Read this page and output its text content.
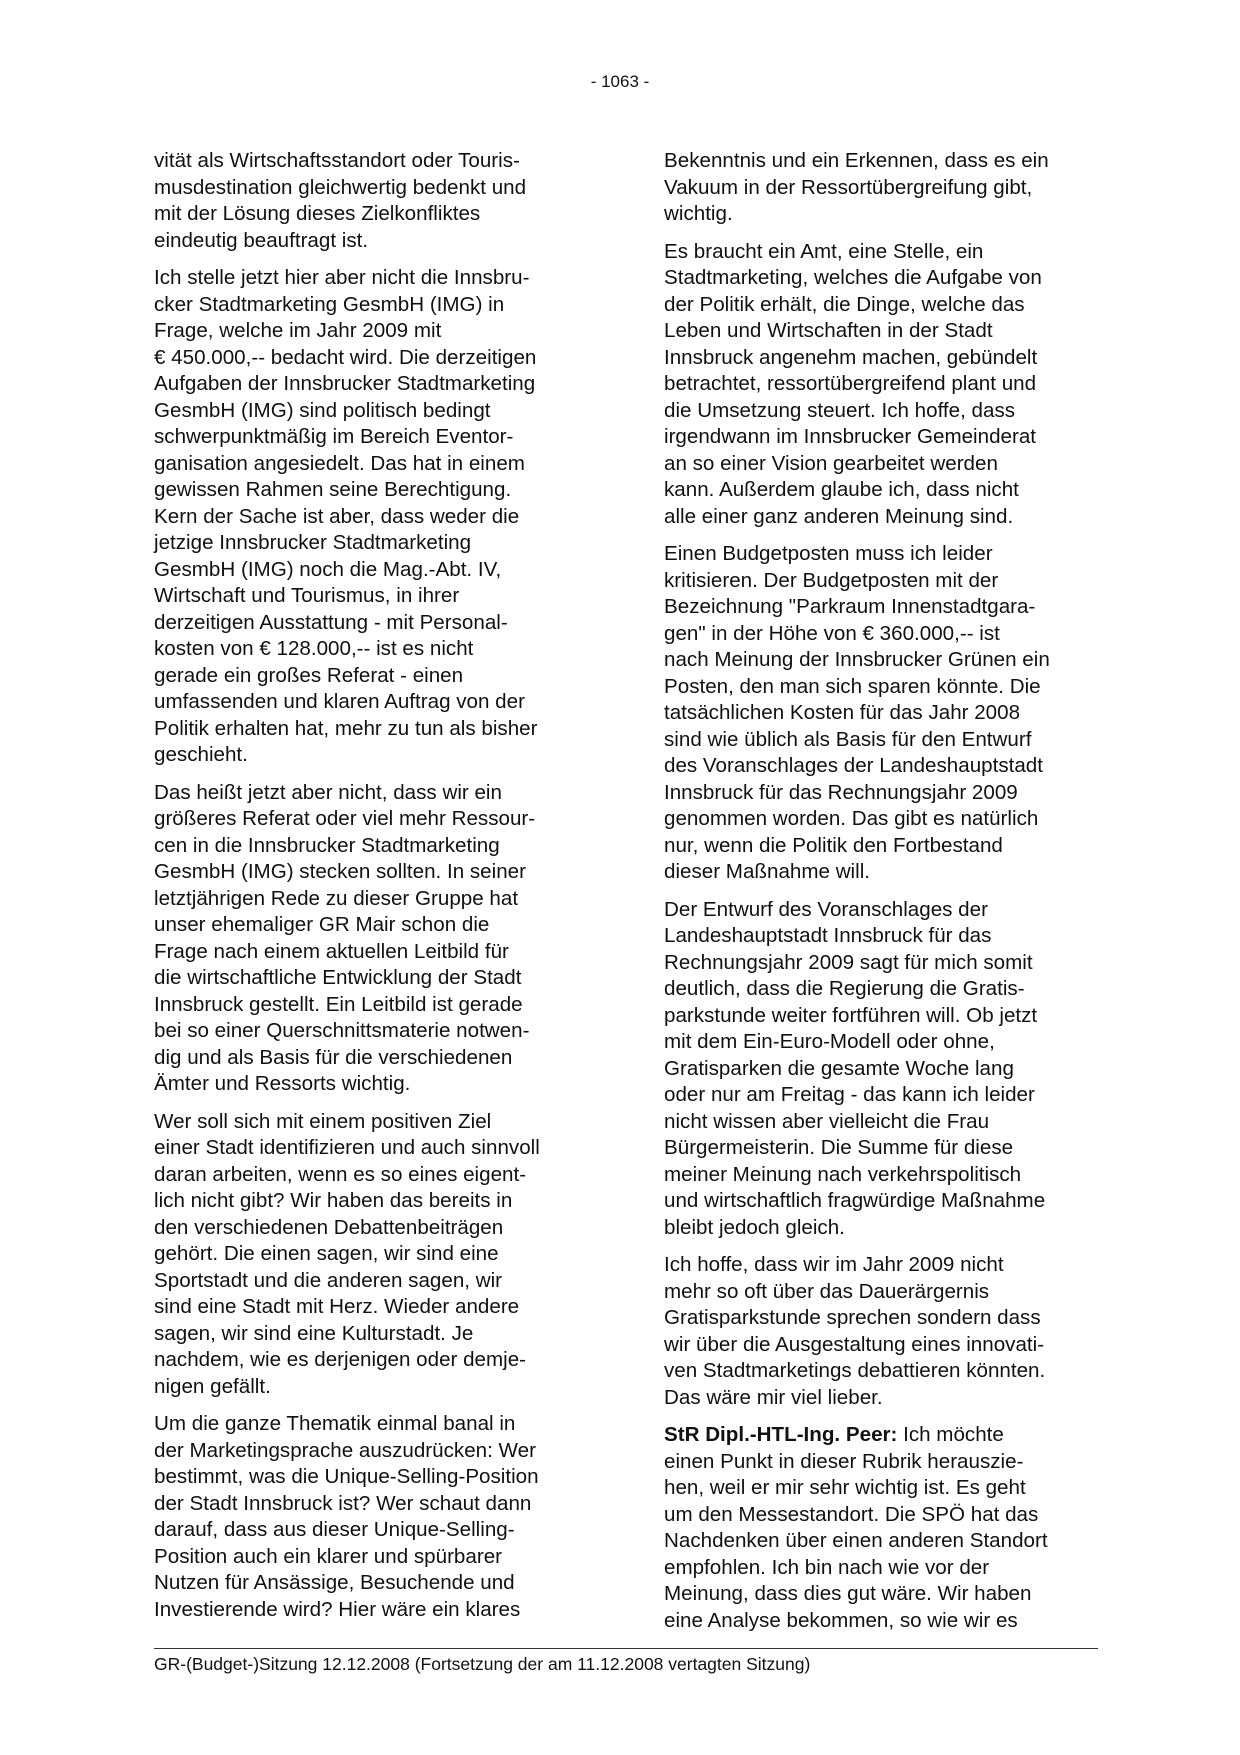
- 1063 -

vität als Wirtschaftsstandort oder Touris-
musdestination gleichwertig bedenkt und
mit der Lösung dieses Zielkonfliktes
eindeutig beauftragt ist.

Ich stelle jetzt hier aber nicht die Innsbru-
cker Stadtmarketing GesmbH (IMG) in
Frage, welche im Jahr 2009 mit
€ 450.000,-- bedacht wird. Die derzeitigen
Aufgaben der Innsbrucker Stadtmarketing
GesmbH (IMG) sind politisch bedingt
schwerpunktmäßig im Bereich Eventor-
ganisation angesiedelt. Das hat in einem
gewissen Rahmen seine Berechtigung.
Kern der Sache ist aber, dass weder die
jetzige Innsbrucker Stadtmarketing
GesmbH (IMG) noch die Mag.-Abt. IV,
Wirtschaft und Tourismus, in ihrer
derzeitigen Ausstattung - mit Personal-
kosten von € 128.000,-- ist es nicht
gerade ein großes Referat - einen
umfassenden und klaren Auftrag von der
Politik erhalten hat, mehr zu tun als bisher
geschieht.

Das heißt jetzt aber nicht, dass wir ein
größeres Referat oder viel mehr Ressour-
cen in die Innsbrucker Stadtmarketing
GesmbH (IMG) stecken sollten. In seiner
letztjährigen Rede zu dieser Gruppe hat
unser ehemaliger GR Mair schon die
Frage nach einem aktuellen Leitbild für
die wirtschaftliche Entwicklung der Stadt
Innsbruck gestellt. Ein Leitbild ist gerade
bei so einer Querschnittsmaterie notwen-
dig und als Basis für die verschiedenen
Ämter und Ressorts wichtig.

Wer soll sich mit einem positiven Ziel
einer Stadt identifizieren und auch sinnvoll
daran arbeiten, wenn es so eines eigent-
lich nicht gibt? Wir haben das bereits in
den verschiedenen Debattenbeiträgen
gehört. Die einen sagen, wir sind eine
Sportstadt und die anderen sagen, wir
sind eine Stadt mit Herz. Wieder andere
sagen, wir sind eine Kulturstadt. Je
nachdem, wie es derjenigen oder demje-
nigen gefällt.

Um die ganze Thematik einmal banal in
der Marketingsprache auszudrücken: Wer
bestimmt, was die Unique-Selling-Position
der Stadt Innsbruck ist? Wer schaut dann
darauf, dass aus dieser Unique-Selling-
Position auch ein klarer und spürbarer
Nutzen für Ansässige, Besuchende und
Investierende wird? Hier wäre ein klares

Bekenntnis und ein Erkennen, dass es ein
Vakuum in der Ressortübergreifung gibt,
wichtig.

Es braucht ein Amt, eine Stelle, ein
Stadtmarketing, welches die Aufgabe von
der Politik erhält, die Dinge, welche das
Leben und Wirtschaften in der Stadt
Innsbruck angenehm machen, gebündelt
betrachtet, ressortübergreifend plant und
die Umsetzung steuert. Ich hoffe, dass
irgendwann im Innsbrucker Gemeinderat
an so einer Vision gearbeitet werden
kann. Außerdem glaube ich, dass nicht
alle einer ganz anderen Meinung sind.

Einen Budgetposten muss ich leider
kritisieren. Der Budgetposten mit der
Bezeichnung "Parkraum Innenstadtgara-
gen" in der Höhe von € 360.000,-- ist
nach Meinung der Innsbrucker Grünen ein
Posten, den man sich sparen könnte. Die
tatsächlichen Kosten für das Jahr 2008
sind wie üblich als Basis für den Entwurf
des Voranschlages der Landeshauptstadt
Innsbruck für das Rechnungsjahr 2009
genommen worden. Das gibt es natürlich
nur, wenn die Politik den Fortbestand
dieser Maßnahme will.

Der Entwurf des Voranschlages der
Landeshauptstadt Innsbruck für das
Rechnungsjahr 2009 sagt für mich somit
deutlich, dass die Regierung die Gratis-
parkstunde weiter fortführen will. Ob jetzt
mit dem Ein-Euro-Modell oder ohne,
Gratisparken die gesamte Woche lang
oder nur am Freitag - das kann ich leider
nicht wissen aber vielleicht die Frau
Bürgermeisterin. Die Summe für diese
meiner Meinung nach verkehrspolitisch
und wirtschaftlich fragwürdige Maßnahme
bleibt jedoch gleich.

Ich hoffe, dass wir im Jahr 2009 nicht
mehr so oft über das Dauerärgernis
Gratisparkstunde sprechen sondern dass
wir über die Ausgestaltung eines innovati-
ven Stadtmarketings debattieren könnten.
Das wäre mir viel lieber.

StR Dipl.-HTL-Ing. Peer: Ich möchte
einen Punkt in dieser Rubrik herauszie-
hen, weil er mir sehr wichtig ist. Es geht
um den Messestandort. Die SPÖ hat das
Nachdenken über einen anderen Standort
empfohlen. Ich bin nach wie vor der
Meinung, dass dies gut wäre. Wir haben
eine Analyse bekommen, so wie wir es

GR-(Budget-)Sitzung 12.12.2008 (Fortsetzung der am 11.12.2008 vertagten Sitzung)
